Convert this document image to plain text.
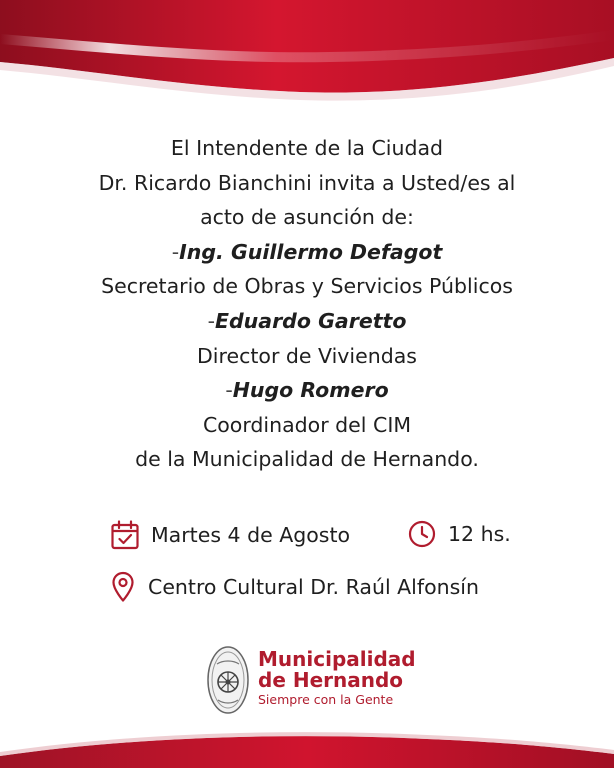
El Intendente de la Ciudad
Dr. Ricardo Bianchini invita a Usted/es al
acto de asunción de:
-Ing. Guillermo Defagot
Secretario de Obras y Servicios Públicos
-Eduardo Garetto
Director de Viviendas
-Hugo Romero
Coordinador del CIM
de la Municipalidad de Hernando.
Martes 4 de Agosto	12 hs.
Centro Cultural Dr. Raúl Alfonsín
Municipalidad
de Hernando
Siempre con la Gente
